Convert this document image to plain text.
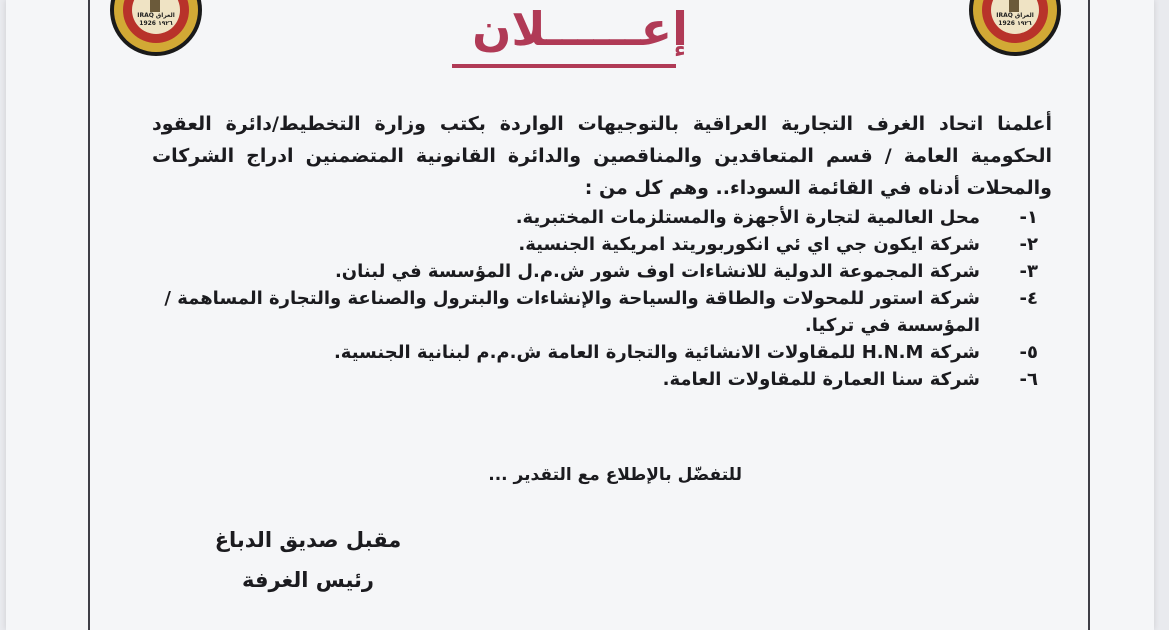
IRAQ العراق
1926 ١٩٢٦
IRAQ العراق
1926 ١٩٢٦
إعــــــلان

أعلمنا اتحاد الغرف التجارية العراقية بالتوجيهات الواردة بكتب وزارة التخطيط/دائرة العقود الحكومية العامة / قسم المتعاقدين والمناقصين والدائرة القانونية المتضمنين ادراج الشركات والمحلات أدناه في القائمة السوداء.. وهم كل من :

١-
محل العالمية لتجارة الأجهزة والمستلزمات المختبرية.
٢-
شركة ايكون جي اي ئي انكوربوريتد امريكية الجنسية.
٣-
شركة المجموعة الدولية للانشاءات اوف شور ش.م.ل المؤسسة في لبنان.
٤-
شركة استور للمحولات والطاقة والسياحة والإنشاءات والبترول والصناعة والتجارة المساهمة / المؤسسة في تركيا.
٥-
شركة H.N.M للمقاولات الانشائية والتجارة العامة ش.م.م لبنانية الجنسية.
٦-
شركة سنا العمارة للمقاولات العامة.
للتفضّل بالإطلاع مع التقدير ...
مقبل صديق الدباغ
رئيس الغرفة
